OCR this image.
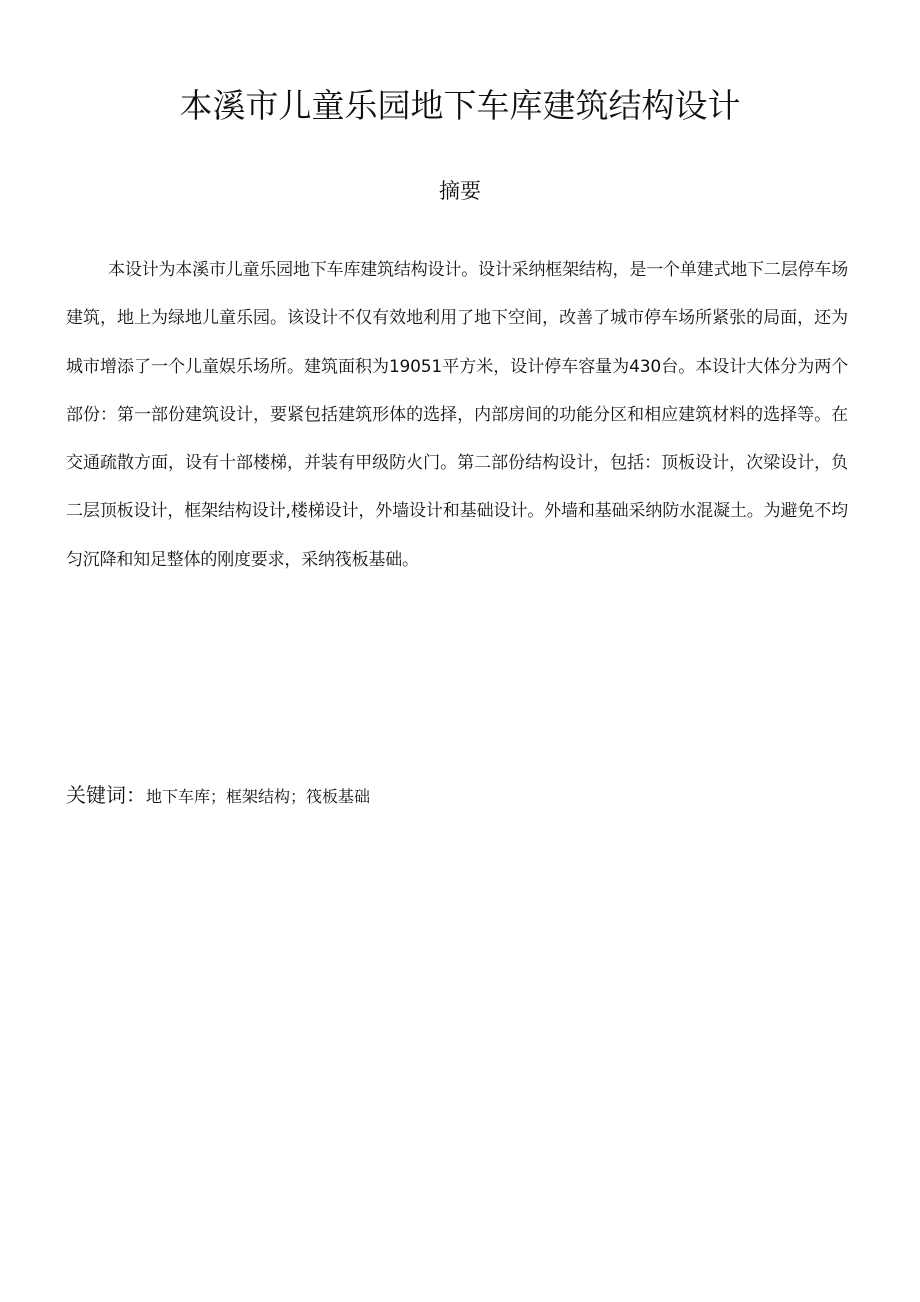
本溪市儿童乐园地下车库建筑结构设计
摘要

本设计为本溪市儿童乐园地下车库建筑结构设计。设计采纳框架结构，是一个单建式地下二层停车场建筑，地上为绿地儿童乐园。该设计不仅有效地利用了地下空间，改善了城市停车场所紧张的局面，还为城市增添了一个儿童娱乐场所。建筑面积为19051平方米，设计停车容量为430台。本设计大体分为两个部份：第一部份建筑设计，要紧包括建筑形体的选择，内部房间的功能分区和相应建筑材料的选择等。在交通疏散方面，设有十部楼梯，并装有甲级防火门。第二部份结构设计，包括：顶板设计，次梁设计，负二层顶板设计，框架结构设计,楼梯设计，外墙设计和基础设计。外墙和基础采纳防水混凝土。为避免不均匀沉降和知足整体的刚度要求，采纳筏板基础。

关键词：地下车库；框架结构；筏板基础
